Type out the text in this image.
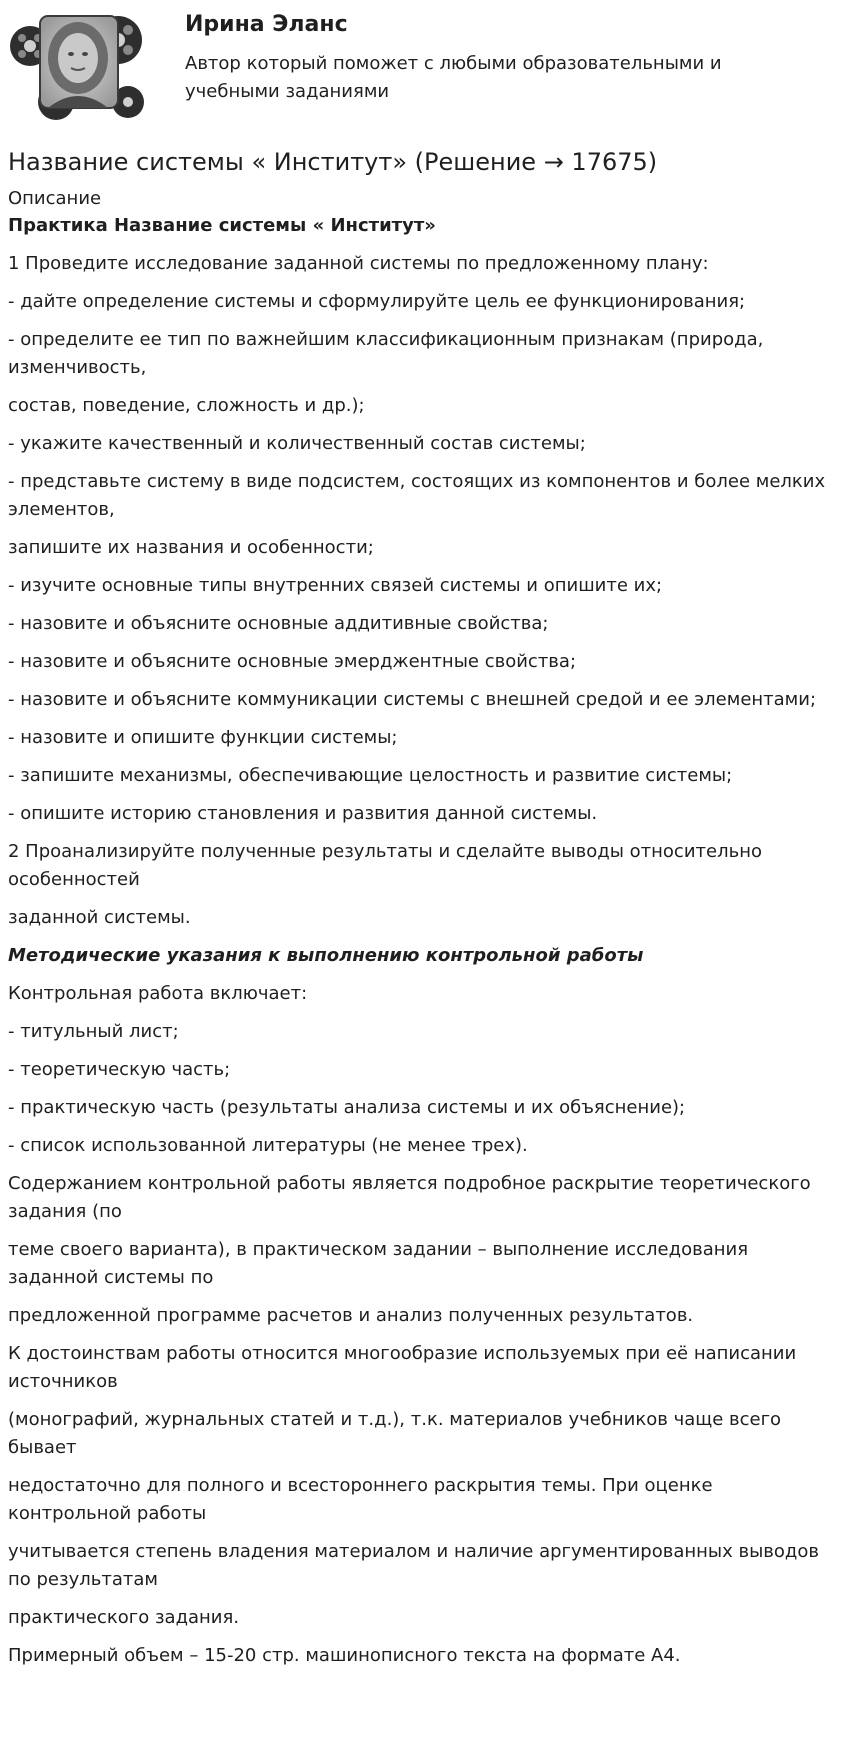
Ирина Эланс
Автор который поможет с любыми образовательными и учебными заданиями
Название системы « Институт» (Решение → 17675)
Описание

Практика Название системы « Институт»

1 Проведите исследование заданной системы по предложенному плану:

- дайте определение системы и сформулируйте цель ее функционирования;

- определите ее тип по важнейшим классификационным признакам (природа, изменчивость,

состав, поведение, сложность и др.);

- укажите качественный и количественный состав системы;

- представьте систему в виде подсистем, состоящих из компонентов и более мелких элементов,

запишите их названия и особенности;

- изучите основные типы внутренних связей системы и опишите их;

- назовите и объясните основные аддитивные свойства;

- назовите и объясните основные эмерджентные свойства;

- назовите и объясните коммуникации системы с внешней средой и ее элементами;

- назовите и опишите функции системы;

- запишите механизмы, обеспечивающие целостность и развитие системы;

- опишите историю становления и развития данной системы.

2 Проанализируйте полученные результаты и сделайте выводы относительно особенностей

заданной системы.

Методические указания к выполнению контрольной работы

Контрольная работа включает:

- титульный лист;

- теоретическую часть;

- практическую часть (результаты анализа системы и их объяснение);

- список использованной литературы (не менее трех).

Содержанием контрольной работы является подробное раскрытие теоретического задания (по

теме своего варианта), в практическом задании – выполнение исследования заданной системы по

предложенной программе расчетов и анализ полученных результатов.

К достоинствам работы относится многообразие используемых при её написании источников

(монографий, журнальных статей и т.д.), т.к. материалов учебников чаще всего бывает

недостаточно для полного и всестороннего раскрытия темы. При оценке контрольной работы

учитывается степень владения материалом и наличие аргументированных выводов по результатам

практического задания.

Примерный объем – 15-20 стр. машинописного текста на формате А4.
